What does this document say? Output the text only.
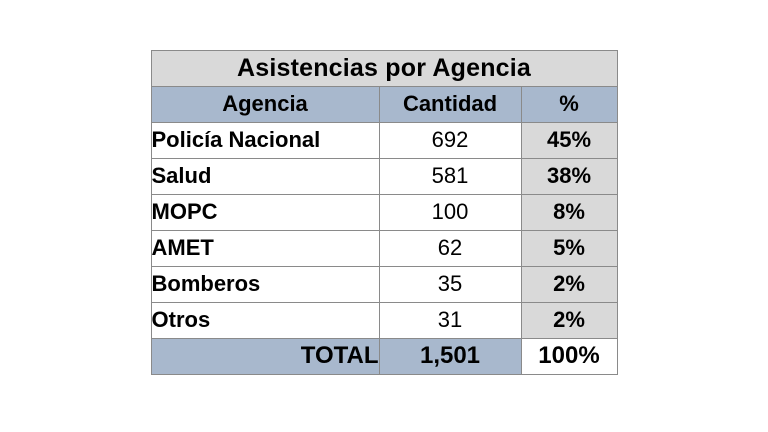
Asistencias por Agencia		
Agencia	Cantidad	%
Policía Nacional	692	45%
Salud	581	38%
MOPC	100	8%
AMET	62	5%
Bomberos	35	2%
Otros	31	2%
TOTAL	1,501	100%
